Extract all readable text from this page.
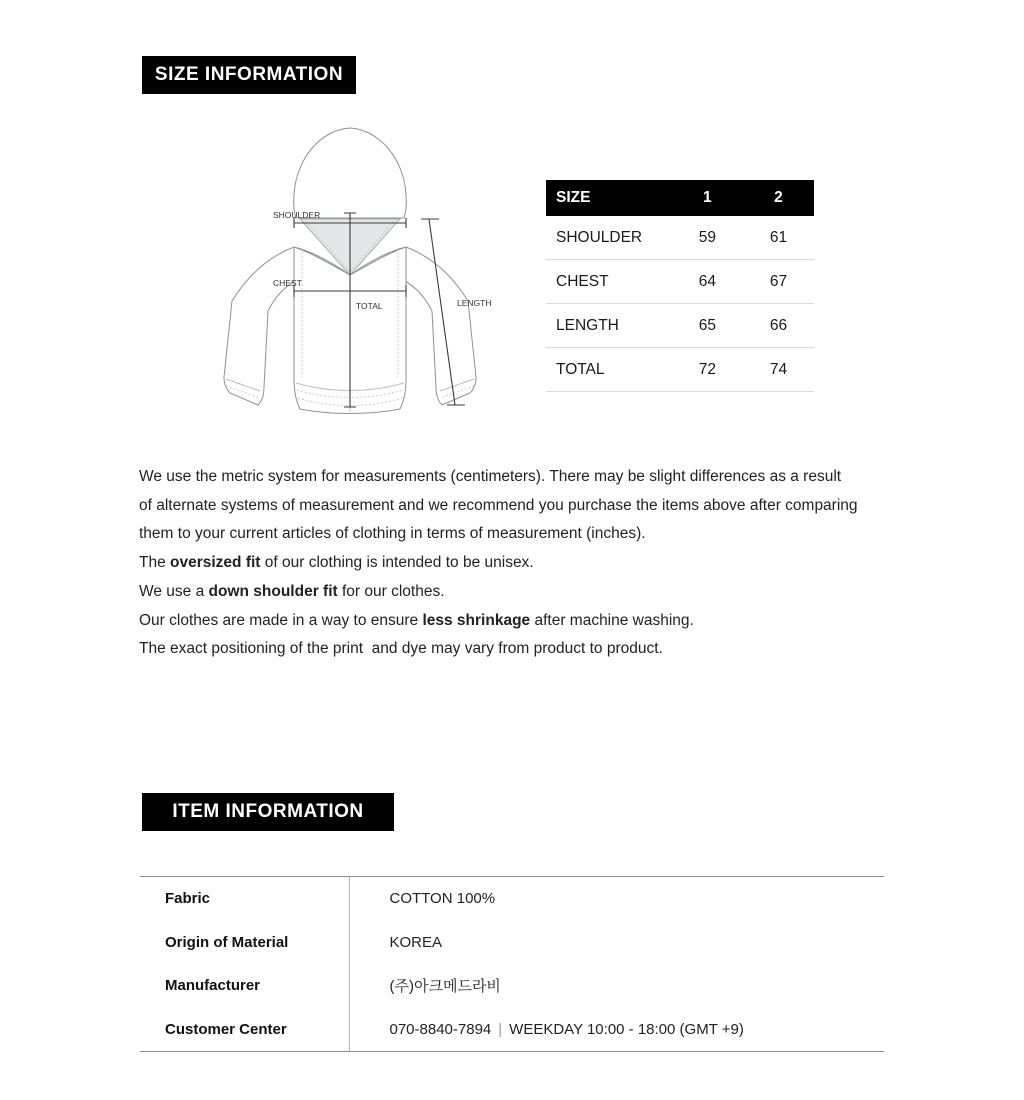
SIZE INFORMATION
SHOULDER
CHEST
TOTAL	LENGTH
SIZE	1	2
SHOULDER	59	61
CHEST	64	67
LENGTH	65	66
TOTAL	72	74
We use the metric system for measurements (centimeters). There may be slight differences as a result
of alternate systems of measurement and we recommend you purchase the items above after comparing
them to your current articles of clothing in terms of measurement (inches).
The oversized fit of our clothing is intended to be unisex.
We use a down shoulder fit for our clothes.
Our clothes are made in a way to ensure less shrinkage after machine washing.
The exact positioning of the print  and dye may vary from product to product.
ITEM INFORMATION
Fabric	COTTON 100%
Origin of Material	KOREA
Manufacturer	(주)아크메드라비
Customer Center	070-8840-7894 | WEEKDAY 10:00 - 18:00 (GMT +9)
